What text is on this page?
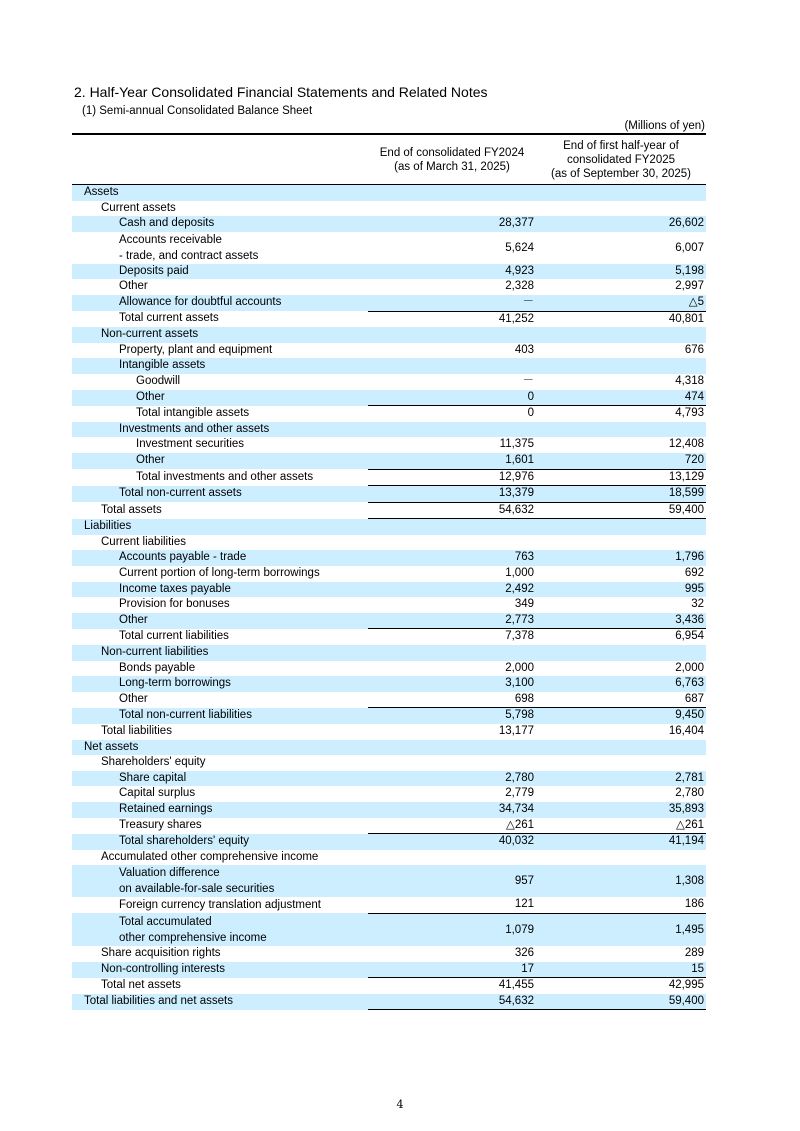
2. Half-Year Consolidated Financial Statements and Related Notes
(1) Semi-annual Consolidated Balance Sheet
(Millions of yen)

	End of consolidated FY2024
(as of March 31, 2025)	End of first half-year of
consolidated FY2025
(as of September 30, 2025)

Assets		
Current assets		
Cash and deposits	28,377	26,602

Accounts receivable
- trade, and contract assets	5,624	6,007
Deposits paid	4,923	5,198
Other	2,328	2,997
Allowance for doubtful accounts	－	△5
Total current assets	41,252	40,801
Non-current assets		
Property, plant and equipment	403	676
Intangible assets		
Goodwill	－	4,318
Other	0	474
Total intangible assets	0	4,793
Investments and other assets		
Investment securities	11,375	12,408
Other	1,601	720
Total investments and other assets	12,976	13,129
Total non-current assets	13,379	18,599
Total assets	54,632	59,400
Liabilities		
Current liabilities		
Accounts payable - trade	763	1,796
Current portion of long-term borrowings	1,000	692
Income taxes payable	2,492	995
Provision for bonuses	349	32
Other	2,773	3,436
Total current liabilities	7,378	6,954
Non-current liabilities		
Bonds payable	2,000	2,000
Long-term borrowings	3,100	6,763
Other	698	687
Total non-current liabilities	5,798	9,450
Total liabilities	13,177	16,404
Net assets		
Shareholders' equity		
Share capital	2,780	2,781
Capital surplus	2,779	2,780
Retained earnings	34,734	35,893
Treasury shares	△261	△261
Total shareholders' equity	40,032	41,194
Accumulated other comprehensive income		

Valuation difference
on available-for-sale securities	957	1,308
Foreign currency translation adjustment	121	186

Total accumulated
other comprehensive income	1,079	1,495
Share acquisition rights	326	289
Non-controlling interests	17	15
Total net assets	41,455	42,995
Total liabilities and net assets	54,632	59,400
4
